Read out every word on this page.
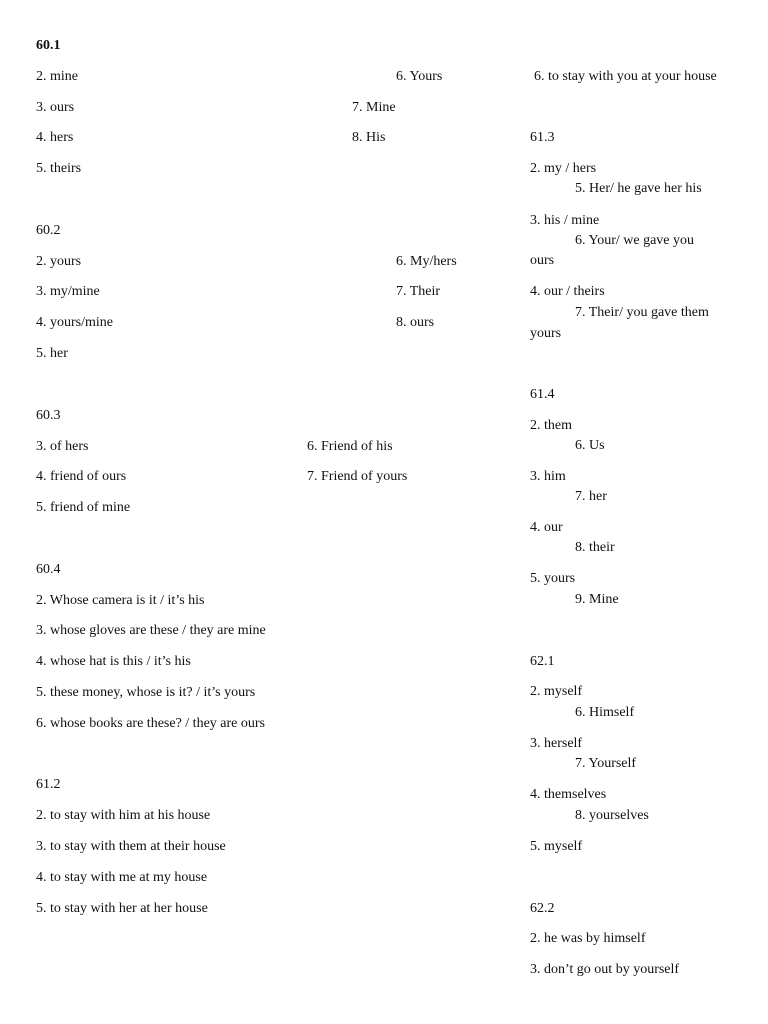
60.1
2. mine
3. ours
4. hers
5. theirs
6. Yours
7. Mine
8. His
60.2
2. yours
3. my/mine
4. yours/mine
5. her
6. My/hers
7. Their
8. ours
60.3
3. of hers
4. friend of ours
5. friend of mine
6. Friend of his
7. Friend of yours
60.4
2. Whose camera is it / it’s his
3. whose gloves are these / they are mine
4. whose hat is this / it’s his
5. these money, whose is it? / it’s yours
6. whose books are these? / they are ours
61.2
2. to stay with him at his house
3. to stay with them at their house
4. to stay with me at my house
5. to stay with her at her house
6. to stay with you at your house
61.3
2. my / hers
5. Her/ he gave her his
3. his / mine
6. Your/ we gave you
ours
4. our / theirs
7. Their/ you gave them
yours
61.4
2. them
6. Us
3. him
7. her
4. our
8. their
5. yours
9. Mine
62.1
2. myself
6. Himself
3. herself
7. Yourself
4. themselves
8. yourselves
5. myself
62.2
2. he was by himself
3. don’t go out by yourself
